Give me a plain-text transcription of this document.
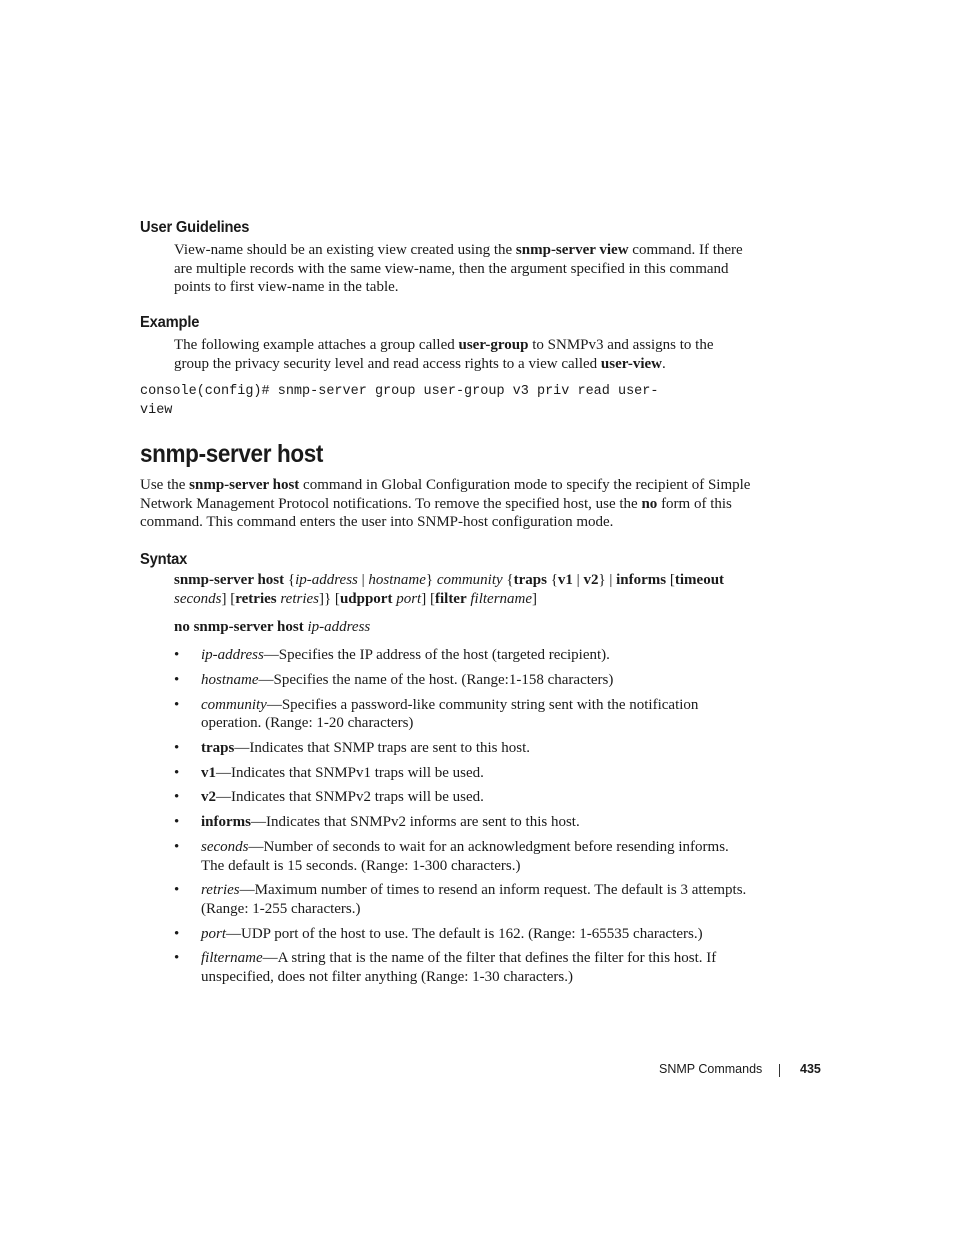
User Guidelines
View-name should be an existing view created using the snmp-server view command. If there are multiple records with the same view-name, then the argument specified in this command points to first view-name in the table.
Example
The following example attaches a group called user-group to SNMPv3 and assigns to the group the privacy security level and read access rights to a view called user-view.
console(config)# snmp-server group user-group v3 priv read user-
view
snmp-server host
Use the snmp-server host command in Global Configuration mode to specify the recipient of Simple Network Management Protocol notifications. To remove the specified host, use the no form of this command. This command enters the user into SNMP-host configuration mode.
Syntax
snmp-server host {ip-address | hostname} community {traps {v1 | v2} | informs [timeout
seconds] [retries retries]} [udpport port] [filter filtername]
no snmp-server host ip-address
• ip-address—Specifies the IP address of the host (targeted recipient).
• hostname—Specifies the name of the host. (Range:1-158 characters)
• community—Specifies a password-like community string sent with the notification operation. (Range: 1-20 characters)
• traps—Indicates that SNMP traps are sent to this host.
• v1—Indicates that SNMPv1 traps will be used.
• v2—Indicates that SNMPv2 traps will be used.
• informs—Indicates that SNMPv2 informs are sent to this host.
• seconds—Number of seconds to wait for an acknowledgment before resending informs. The default is 15 seconds. (Range: 1-300 characters.)
• retries—Maximum number of times to resend an inform request. The default is 3 attempts. (Range: 1-255 characters.)
• port—UDP port of the host to use. The default is 162. (Range: 1-65535 characters.)
• filtername—A string that is the name of the filter that defines the filter for this host. If unspecified, does not filter anything (Range: 1-30 characters.)
SNMP Commands	435
